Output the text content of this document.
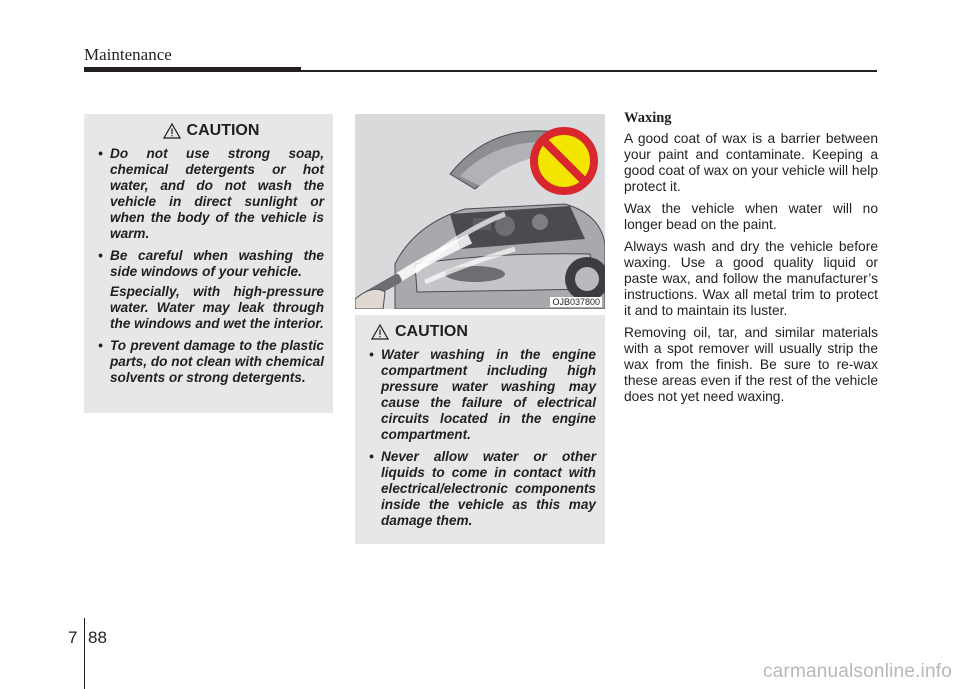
Maintenance
CAUTION
• Do not use strong soap, chemical detergents or hot water, and do not wash the vehicle in direct sunlight or when the body of the vehicle is warm.
• Be careful when washing the side windows of your vehicle.
Especially, with high-pressure water. Water may leak through the windows and wet the interior.
• To prevent damage to the plastic parts, do not clean with chemical solvents or strong detergents.
OJB037800
CAUTION
• Water washing in the engine compartment including high pressure water washing may cause the failure of electrical circuits located in the engine compartment.
• Never allow water or other liquids to come in contact with electrical/electronic components inside the vehicle as this may damage them.
Waxing

A good coat of wax is a barrier between your paint and contaminate. Keeping a good coat of wax on your vehicle will help protect it.

Wax the vehicle when water will no longer bead on the paint.

Always wash and dry the vehicle before waxing. Use a good quality liquid or paste wax, and follow the manufacturer’s instructions. Wax all metal trim to protect it and to maintain its luster.

Removing oil, tar, and similar materials with a spot remover will usually strip the wax from the finish. Be sure to re-wax these areas even if the rest of the vehicle does not yet need waxing.

7 88
carmanualsonline.info
